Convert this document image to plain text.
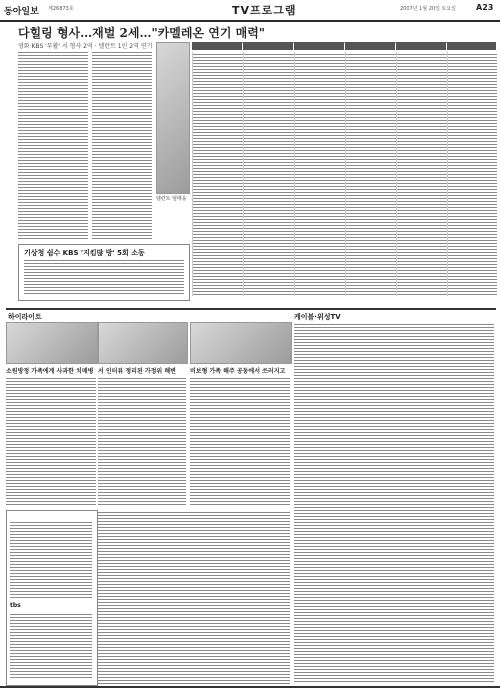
동아일보 제26873호	TV프로그램	2007년 1월 20일 토요일 A23
다힐링 형사…재벌 2세…"카멜레온 연기 매력"
영화 KBS '부활' 서 형사 2역 · 탤런트 1인 2역 연기
탤런트 엄태웅
기상청 쉼수 KBS '지킴많 방' 5회 소동
하이라이트
소원방정 가족에게 사과한 치매병 서 인터뷰 정리된 가정위 해변 비보형 가족 해주 공동에서 쓰러지고
케이블·위성TV
tbs
